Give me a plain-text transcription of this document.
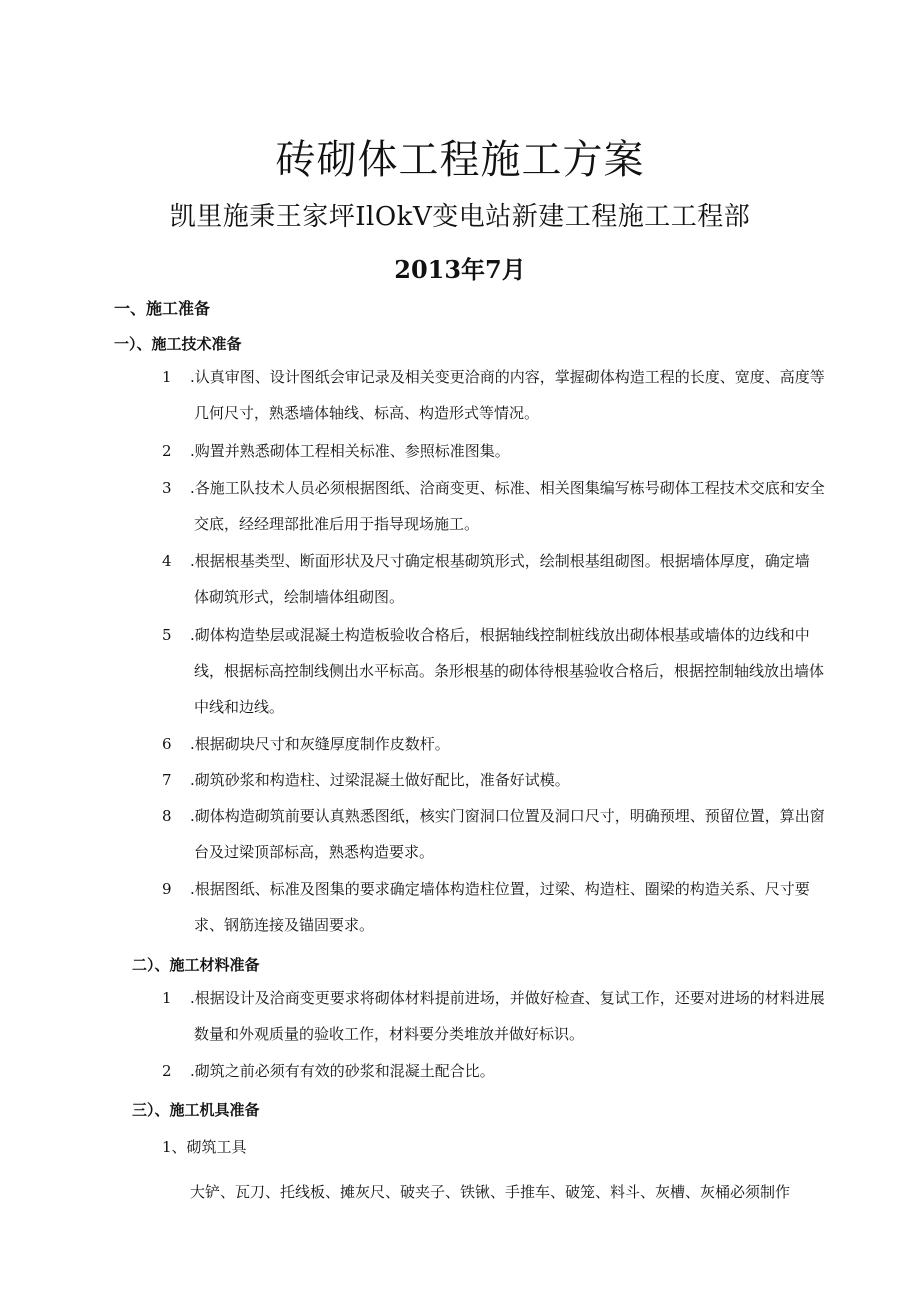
砖砌体工程施工方案
凯里施秉王家坪IlOkV变电站新建工程施工工程部
2013年7月
一、施工准备
一）、施工技术准备
1	.认真审图、设计图纸会审记录及相关变更洽商的内容，掌握砌体构造工程的长度、宽度、高度等
几何尺寸，熟悉墙体轴线、标高、构造形式等情况。
2	.购置并熟悉砌体工程相关标准、参照标准图集。
3	.各施工队技术人员必须根据图纸、洽商变更、标准、相关图集编写栋号砌体工程技术交底和安全
交底，经经理部批准后用于指导现场施工。
4	.根据根基类型、断面形状及尺寸确定根基砌筑形式，绘制根基组砌图。根据墙体厚度，确定墙
体砌筑形式，绘制墙体组砌图。
5	.砌体构造垫层或混凝土构造板验收合格后，根据轴线控制桩线放出砌体根基或墙体的边线和中
线，根据标高控制线侧出水平标高。条形根基的砌体待根基验收合格后，根据控制轴线放出墙体
中线和边线。
6	.根据砌块尺寸和灰缝厚度制作皮数杆。
7	.砌筑砂浆和构造柱、过梁混凝土做好配比，准备好试模。
8	.砌体构造砌筑前要认真熟悉图纸，核实门窗洞口位置及洞口尺寸，明确预埋、预留位置，算出窗
台及过梁顶部标高，熟悉构造要求。
9	.根据图纸、标准及图集的要求确定墙体构造柱位置，过梁、构造柱、圈梁的构造关系、尺寸要
求、钢筋连接及锚固要求。
二）、施工材料准备
1	.根据设计及洽商变更要求将砌体材料提前进场，并做好检查、复试工作，还要对进场的材料进展
数量和外观质量的验收工作，材料要分类堆放并做好标识。
2	.砌筑之前必须有有效的砂浆和混凝土配合比。
三）、施工机具准备
1、砌筑工具
大铲、瓦刀、托线板、摊灰尺、破夹子、铁锹、手推车、破笼、料斗、灰槽、灰桶必须制作
